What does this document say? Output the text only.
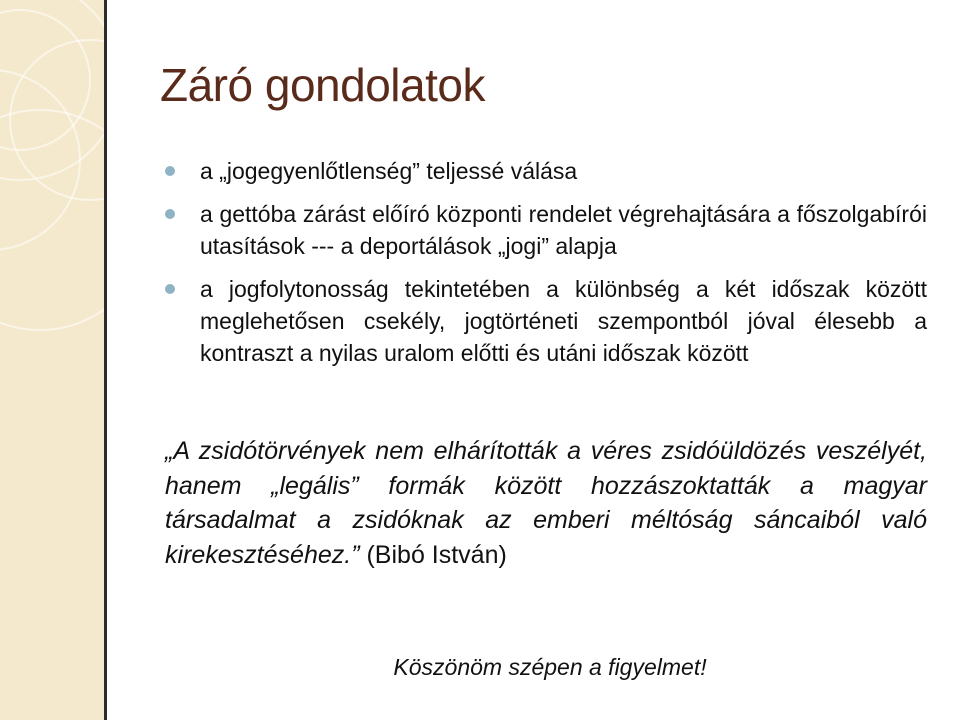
Záró gondolatok
a „jogegyenlőtlenség” teljessé válása
a gettóba zárást előíró központi rendelet végrehajtására a főszolgabírói utasítások --- a deportálások „jogi” alapja
a jogfolytonosság tekintetében a különbség a két időszak között meglehetősen csekély, jogtörténeti szempontból jóval élesebb a kontraszt a nyilas uralom előtti és utáni időszak között
„A zsidótörvények nem elhárították a véres zsidóüldözés veszélyét, hanem „legális” formák között hozzászoktatták a magyar társadalmat a zsidóknak az emberi méltóság sáncaiból való kirekesztéséhez.” (Bibó István)
Köszönöm szépen a figyelmet!
